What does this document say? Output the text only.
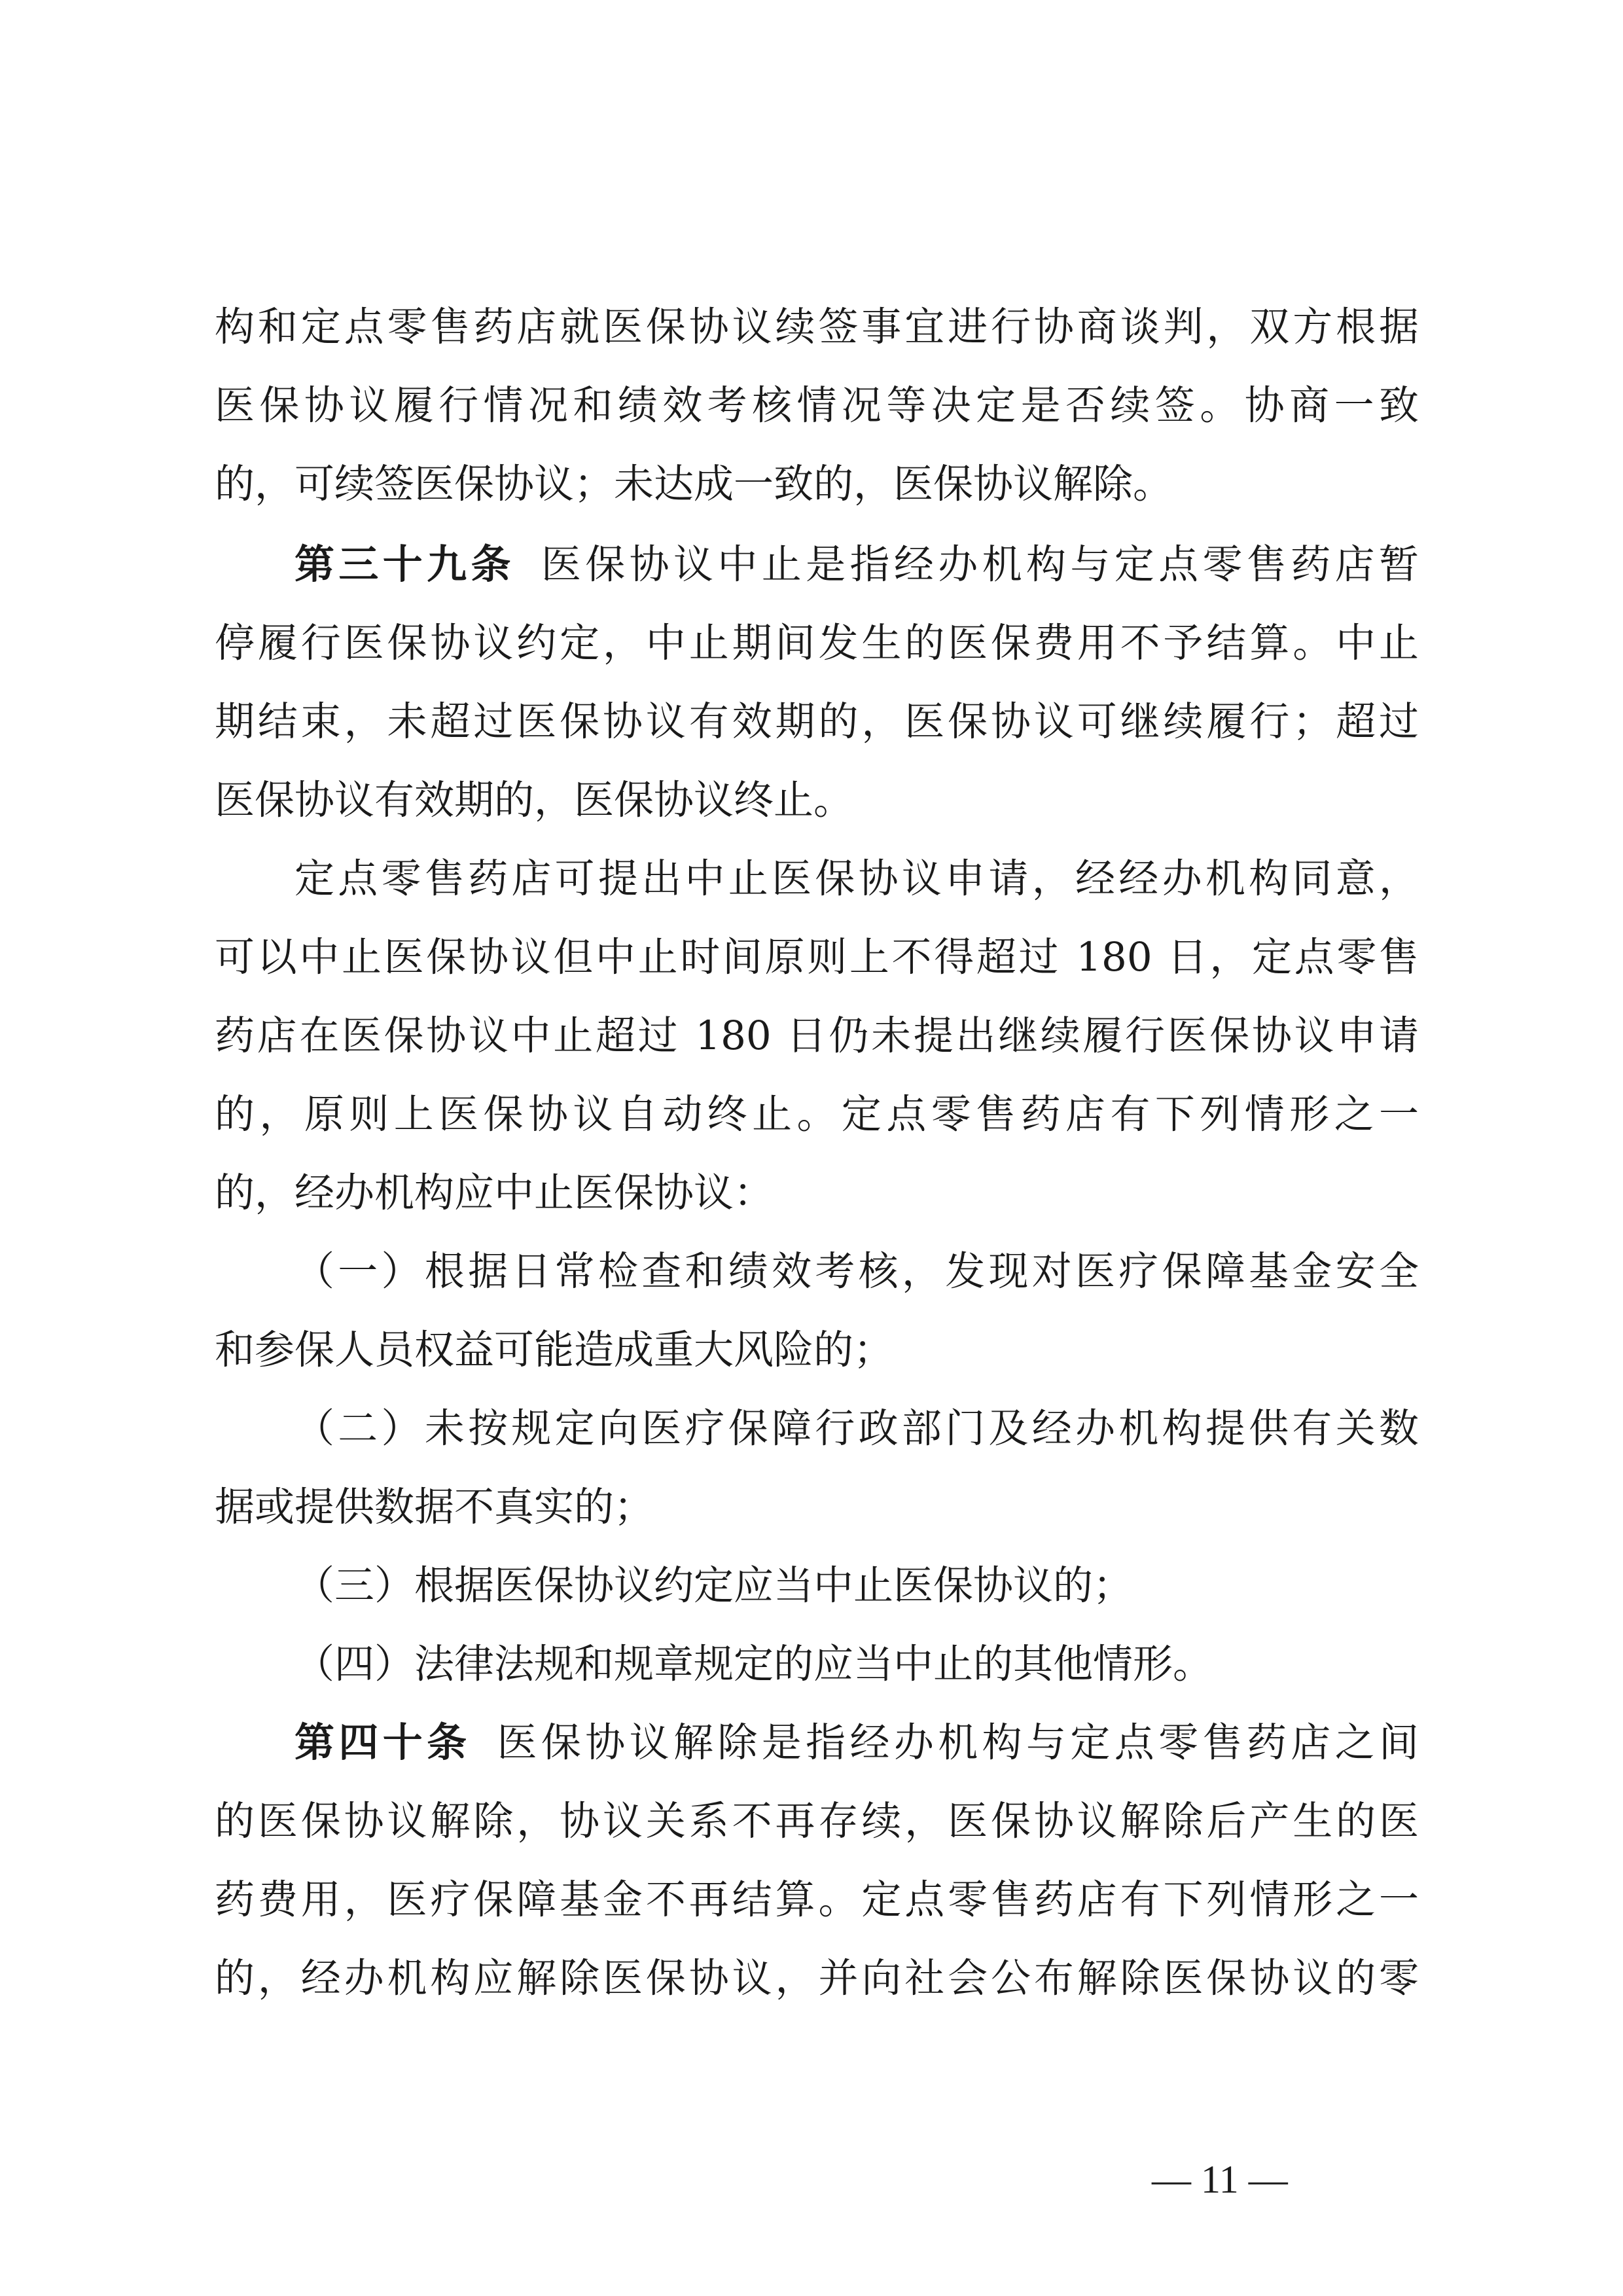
构和定点零售药店就医保协议续签事宜进行协商谈判，双方根据
医保协议履行情况和绩效考核情况等决定是否续签。协商一致
的，可续签医保协议；未达成一致的，医保协议解除。
第三十九条 医保协议中止是指经办机构与定点零售药店暂
停履行医保协议约定，中止期间发生的医保费用不予结算。中止
期结束，未超过医保协议有效期的，医保协议可继续履行；超过
医保协议有效期的，医保协议终止。
定点零售药店可提出中止医保协议申请，经经办机构同意，
可以中止医保协议但中止时间原则上不得超过 180 日，定点零售
药店在医保协议中止超过 180 日仍未提出继续履行医保协议申请
的，原则上医保协议自动终止。定点零售药店有下列情形之一
的，经办机构应中止医保协议：
（一）根据日常检查和绩效考核，发现对医疗保障基金安全
和参保人员权益可能造成重大风险的；
（二）未按规定向医疗保障行政部门及经办机构提供有关数
据或提供数据不真实的；
（三）根据医保协议约定应当中止医保协议的；
（四）法律法规和规章规定的应当中止的其他情形。
第四十条 医保协议解除是指经办机构与定点零售药店之间
的医保协议解除，协议关系不再存续，医保协议解除后产生的医
药费用，医疗保障基金不再结算。定点零售药店有下列情形之一
的，经办机构应解除医保协议，并向社会公布解除医保协议的零
— 11 —
